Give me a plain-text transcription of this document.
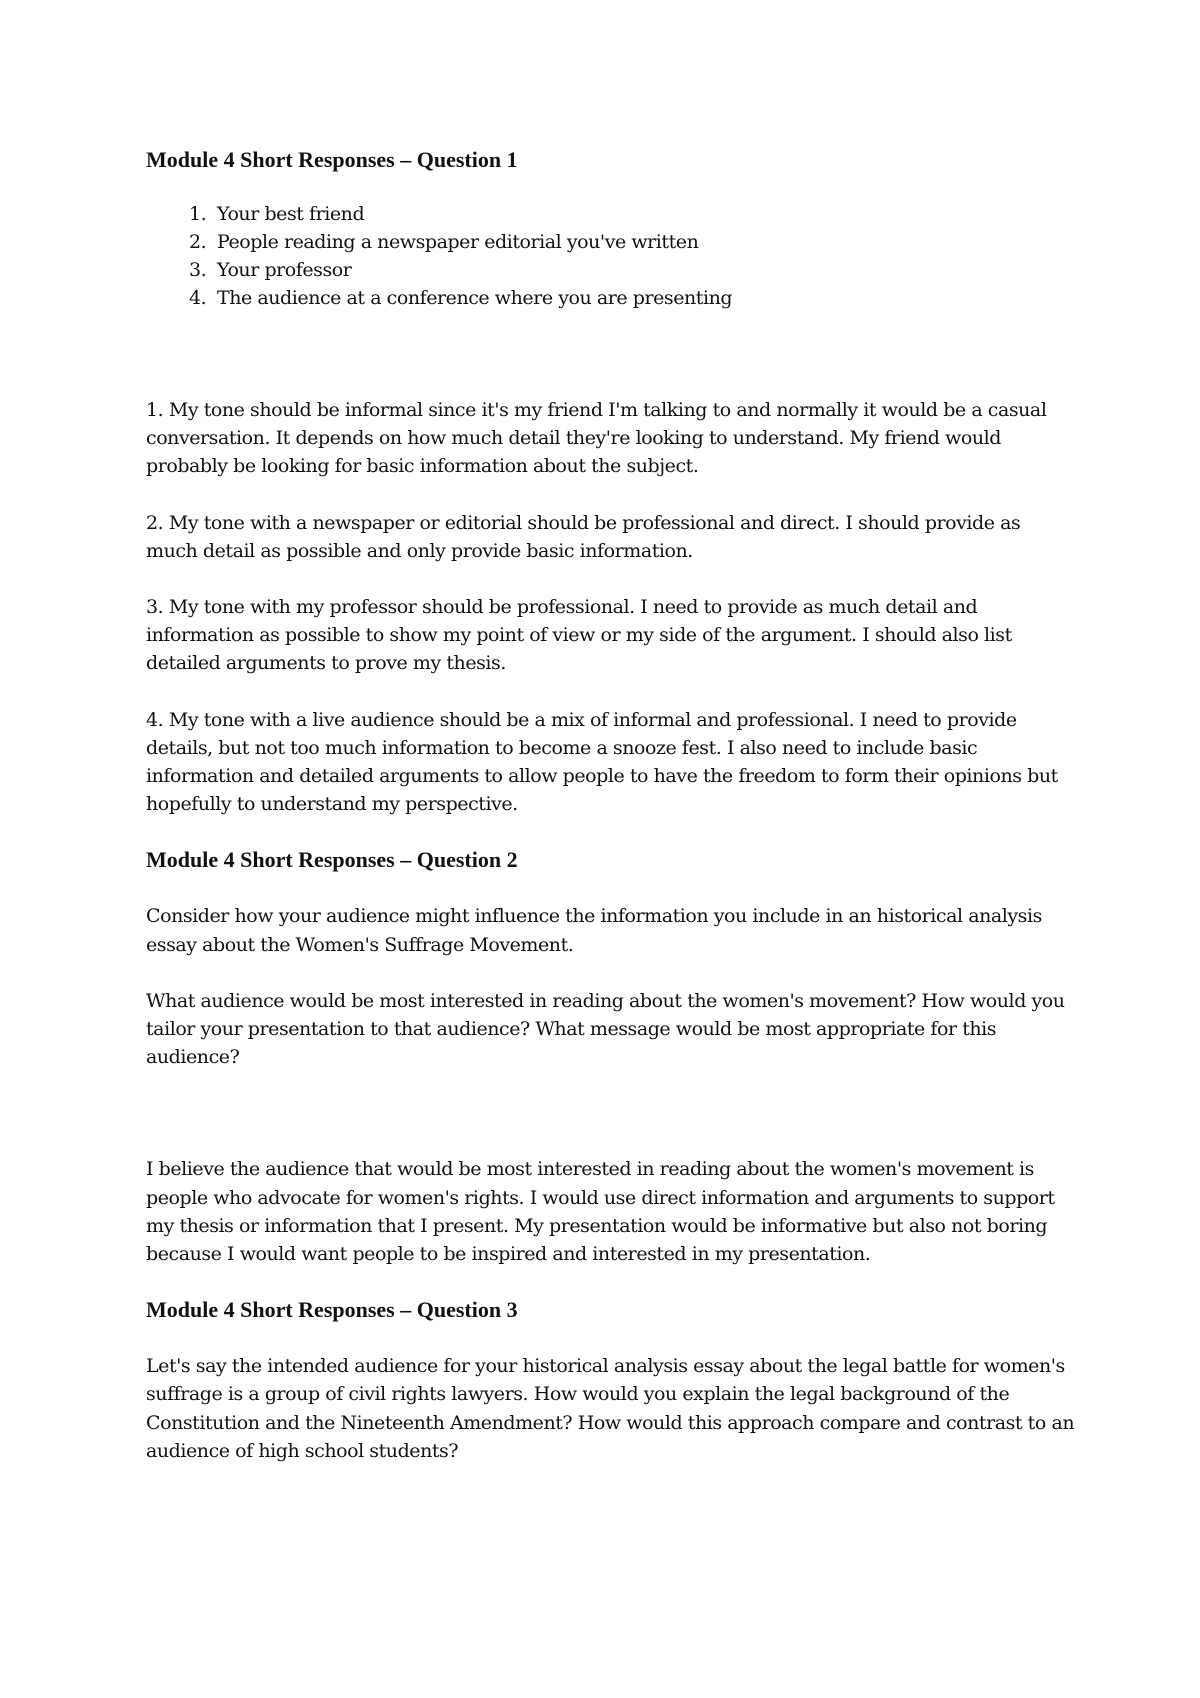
Module 4 Short Responses – Question 1
1. Your best friend
2. People reading a newspaper editorial you've written
3. Your professor
4. The audience at a conference where you are presenting

1. My tone should be informal since it's my friend I'm talking to and normally it would be a casual conversation. It depends on how much detail they're looking to understand. My friend would probably be looking for basic information about the subject.

2. My tone with a newspaper or editorial should be professional and direct. I should provide as much detail as possible and only provide basic information.

3. My tone with my professor should be professional. I need to provide as much detail and information as possible to show my point of view or my side of the argument. I should also list detailed arguments to prove my thesis.

4. My tone with a live audience should be a mix of informal and professional. I need to provide details, but not too much information to become a snooze fest. I also need to include basic information and detailed arguments to allow people to have the freedom to form their opinions but hopefully to understand my perspective.

Module 4 Short Responses – Question 2

Consider how your audience might influence the information you include in an historical analysis essay about the Women's Suffrage Movement.

What audience would be most interested in reading about the women's movement? How would you tailor your presentation to that audience? What message would be most appropriate for this audience?

I believe the audience that would be most interested in reading about the women's movement is people who advocate for women's rights. I would use direct information and arguments to support my thesis or information that I present. My presentation would be informative but also not boring because I would want people to be inspired and interested in my presentation.

Module 4 Short Responses – Question 3

Let's say the intended audience for your historical analysis essay about the legal battle for women's suffrage is a group of civil rights lawyers. How would you explain the legal background of the Constitution and the Nineteenth Amendment? How would this approach compare and contrast to an audience of high school students?
